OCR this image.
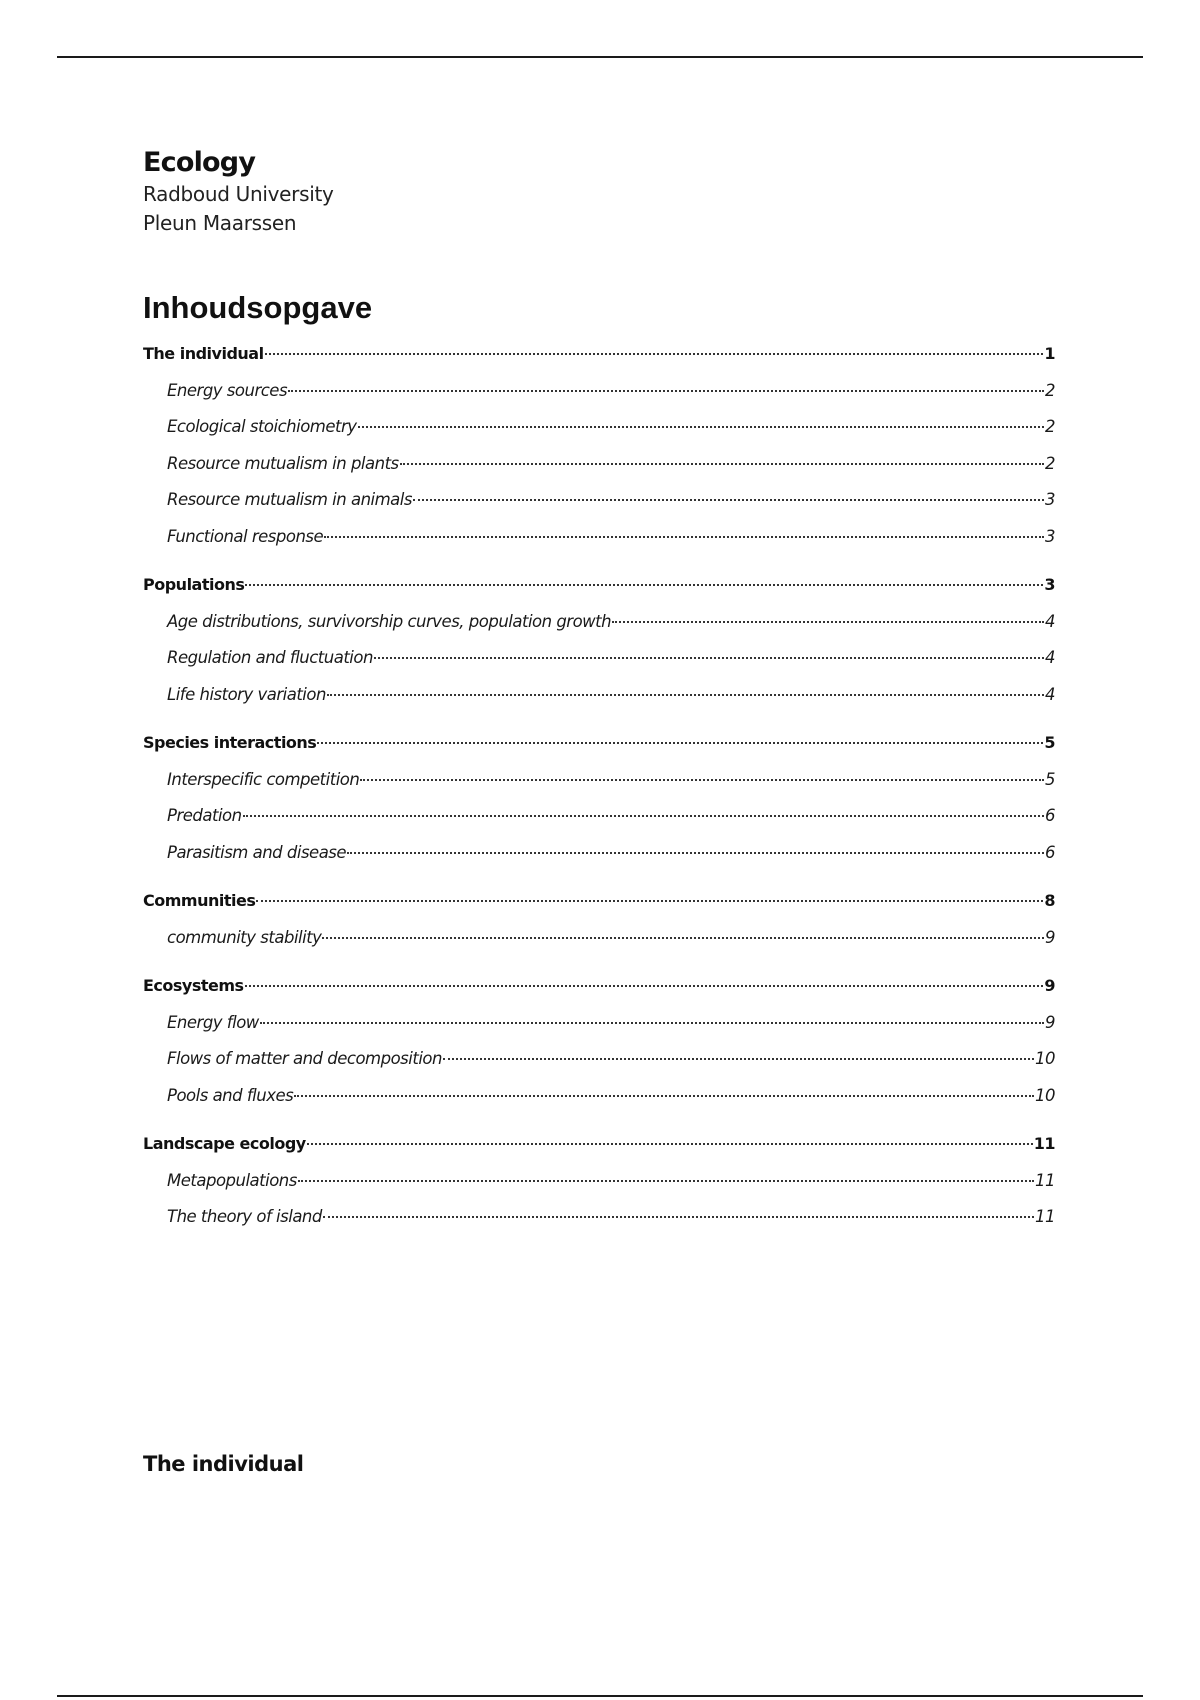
Ecology
Radboud University
Pleun Maarssen
Inhoudsopgave
The individual	1
Energy sources	2
Ecological stoichiometry	2
Resource mutualism in plants	2
Resource mutualism in animals	3
Functional response	3
Populations	3
Age distributions, survivorship curves, population growth	4
Regulation and fluctuation	4
Life history variation	4
Species interactions	5
Interspecific competition	5
Predation	6
Parasitism and disease	6
Communities	8
community stability	9
Ecosystems	9
Energy flow	9
Flows of matter and decomposition	10
Pools and fluxes	10
Landscape ecology	11
Metapopulations	11
The theory of island	11
The individual
